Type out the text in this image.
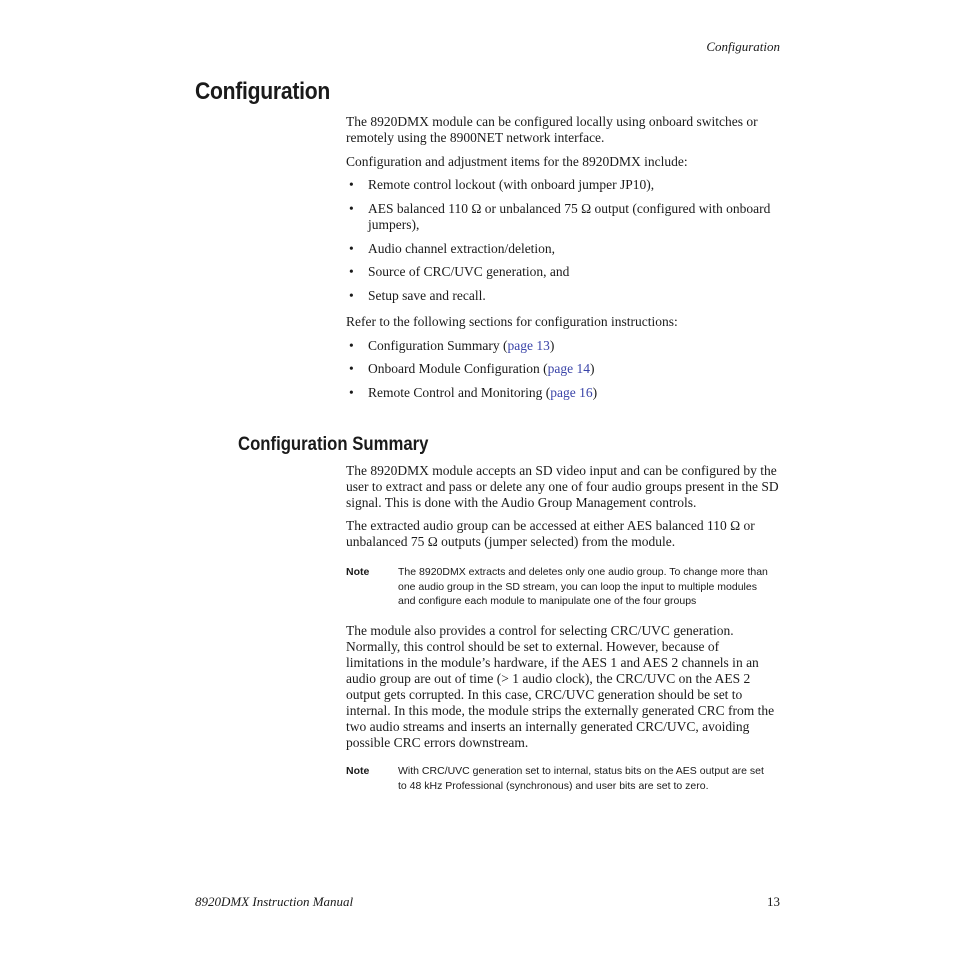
Configuration
Configuration
The 8920DMX module can be configured locally using onboard switches or remotely using the 8900NET network interface.
Configuration and adjustment items for the 8920DMX include:
• Remote control lockout (with onboard jumper JP10),
• AES balanced 110 Ω or unbalanced 75 Ω output (configured with onboard jumpers),
• Audio channel extraction/deletion,
• Source of CRC/UVC generation, and
• Setup save and recall.
Refer to the following sections for configuration instructions:
• Configuration Summary (page 13)
• Onboard Module Configuration (page 14)
• Remote Control and Monitoring (page 16)
Configuration Summary
The 8920DMX module accepts an SD video input and can be configured by the user to extract and pass or delete any one of four audio groups present in the SD signal. This is done with the Audio Group Management controls.
The extracted audio group can be accessed at either AES balanced 110 Ω or unbalanced 75 Ω outputs (jumper selected) from the module.
Note	The 8920DMX extracts and deletes only one audio group. To change more than one audio group in the SD stream, you can loop the input to multiple modules and configure each module to manipulate one of the four groups
The module also provides a control for selecting CRC/UVC generation. Normally, this control should be set to external. However, because of limitations in the module’s hardware, if the AES 1 and AES 2 channels in an audio group are out of time (> 1 audio clock), the CRC/UVC on the AES 2 output gets corrupted. In this case, CRC/UVC generation should be set to internal. In this mode, the module strips the externally generated CRC from the two audio streams and inserts an internally generated CRC/UVC, avoiding possible CRC errors downstream.
Note	With CRC/UVC generation set to internal, status bits on the AES output are set to 48 kHz Professional (synchronous) and user bits are set to zero.
8920DMX Instruction Manual	13
